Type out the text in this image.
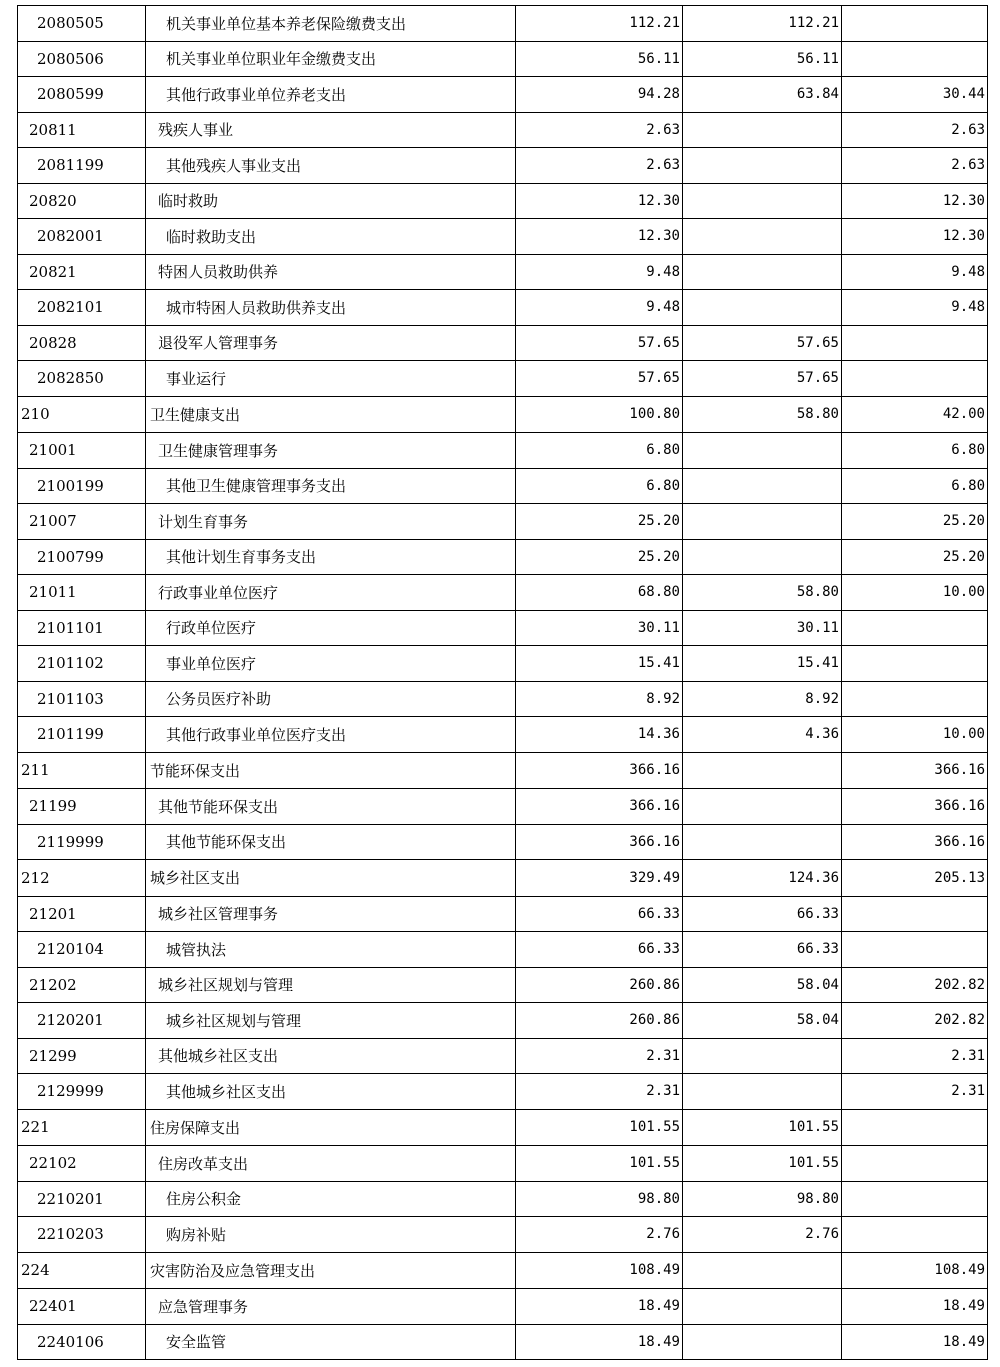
2080505	机关事业单位基本养老保险缴费支出	112.21	112.21	
2080506	机关事业单位职业年金缴费支出	56.11	56.11	
2080599	其他行政事业单位养老支出	94.28	63.84	30.44
20811	残疾人事业	2.63		2.63
2081199	其他残疾人事业支出	2.63		2.63
20820	临时救助	12.30		12.30
2082001	临时救助支出	12.30		12.30
20821	特困人员救助供养	9.48		9.48
2082101	城市特困人员救助供养支出	9.48		9.48
20828	退役军人管理事务	57.65	57.65	
2082850	事业运行	57.65	57.65	
210	卫生健康支出	100.80	58.80	42.00
21001	卫生健康管理事务	6.80		6.80
2100199	其他卫生健康管理事务支出	6.80		6.80
21007	计划生育事务	25.20		25.20
2100799	其他计划生育事务支出	25.20		25.20
21011	行政事业单位医疗	68.80	58.80	10.00
2101101	行政单位医疗	30.11	30.11	
2101102	事业单位医疗	15.41	15.41	
2101103	公务员医疗补助	8.92	8.92	
2101199	其他行政事业单位医疗支出	14.36	4.36	10.00
211	节能环保支出	366.16		366.16
21199	其他节能环保支出	366.16		366.16
2119999	其他节能环保支出	366.16		366.16
212	城乡社区支出	329.49	124.36	205.13
21201	城乡社区管理事务	66.33	66.33	
2120104	城管执法	66.33	66.33	
21202	城乡社区规划与管理	260.86	58.04	202.82
2120201	城乡社区规划与管理	260.86	58.04	202.82
21299	其他城乡社区支出	2.31		2.31
2129999	其他城乡社区支出	2.31		2.31
221	住房保障支出	101.55	101.55	
22102	住房改革支出	101.55	101.55	
2210201	住房公积金	98.80	98.80	
2210203	购房补贴	2.76	2.76	
224	灾害防治及应急管理支出	108.49		108.49
22401	应急管理事务	18.49		18.49
2240106	安全监管	18.49		18.49
